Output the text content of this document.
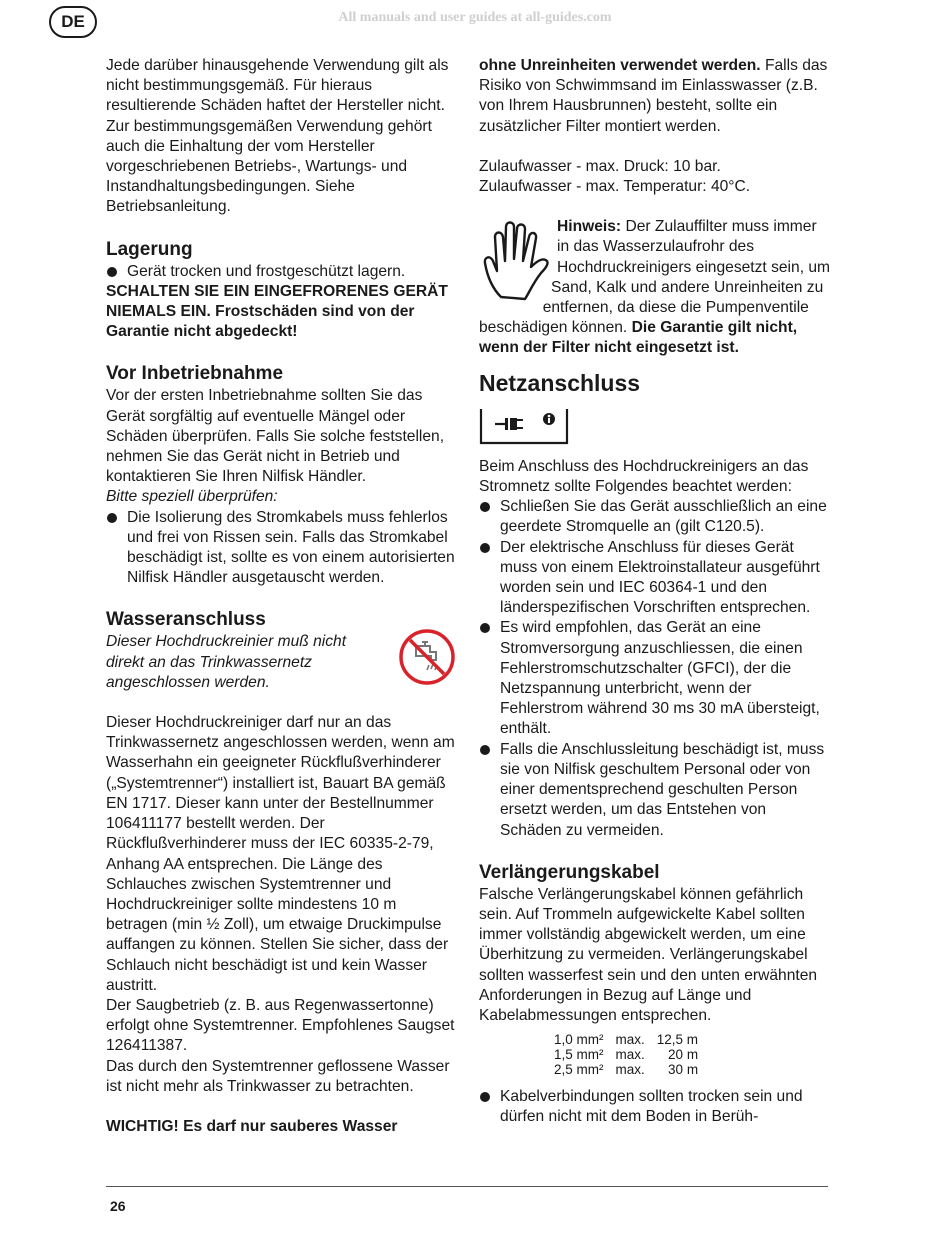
DE	All manuals and user guides at all-guides.com

Jede darüber hinausgehende Verwendung gilt als nicht bestimmungsgemäß. Für hieraus resultierende Schäden haftet der Hersteller nicht. Zur bestimmungsgemäßen Verwendung gehört auch die Einhaltung der vom Hersteller vorgeschriebenen Betriebs-, Wartungs- und Instandhaltungsbedingungen. Siehe Betriebsanleitung.

Lagerung
Gerät trocken und frostgeschützt lagern.

SCHALTEN SIE EIN EINGEFRORENES GERÄT NIEMALS EIN. Frostschäden sind von der Garantie nicht abgedeckt!

Vor Inbetriebnahme

Vor der ersten Inbetriebnahme sollten Sie das Gerät sorgfältig auf eventuelle Mängel oder Schäden überprüfen. Falls Sie solche feststellen, nehmen Sie das Gerät nicht in Betrieb und kontaktieren Sie Ihren Nilfisk Händler.

Bitte speziell überprüfen:

Die Isolierung des Stromkabels muss fehlerlos und frei von Rissen sein. Falls das Stromkabel beschädigt ist, sollte es von einem autorisierten Nilfisk Händler ausgetauscht werden.
Wasseranschluss

Dieser Hochdruckreinier muß nicht direkt an das Trinkwassernetz angeschlossen werden.

Dieser Hochdruckreiniger darf nur an das Trinkwassernetz angeschlossen werden, wenn am Wasserhahn ein geeigneter Rückflußverhinderer („Systemtrenner“) installiert ist, Bauart BA gemäß EN 1717. Dieser kann unter der Bestellnummer 106411177 bestellt werden. Der Rückflußverhinderer muss der IEC 60335-2-79, Anhang AA entsprechen. Die Länge des Schlauches zwischen Systemtrenner und Hochdruckreiniger sollte mindestens 10 m betragen (min ½ Zoll), um etwaige Druckimpulse auffangen zu können. Stellen Sie sicher, dass der Schlauch nicht beschädigt ist und kein Wasser austritt.

Der Saugbetrieb (z. B. aus Regenwassertonne) erfolgt ohne Systemtrenner. Empfohlenes Saugset 126411387.

Das durch den Systemtrenner geflossene Wasser ist nicht mehr als Trinkwasser zu betrachten.

WICHTIG! Es darf nur sauberes Wasser

ohne Unreinheiten verwendet werden. Falls das Risiko von Schwimmsand im Einlasswasser (z.B. von Ihrem Hausbrunnen) besteht, sollte ein zusätzlicher Filter montiert werden.

Zulaufwasser - max. Druck: 10 bar.

Zulaufwasser - max. Temperatur: 40°C.

Hinweis: Der Zulauffilter muss immer in das Wasserzulaufrohr des Hochdruckreinigers eingesetzt sein, um Sand, Kalk und andere Unreinheiten zu entfernen, da diese die Pumpenventile beschädigen können. Die Garantie gilt nicht, wenn der Filter nicht eingesetzt ist.

Netzanschluss

Beim Anschluss des Hochdruckreinigers an das Stromnetz sollte Folgendes beachtet werden:

Schließen Sie das Gerät ausschließlich an eine geerdete Stromquelle an (gilt C120.5).
Der elektrische Anschluss für dieses Gerät muss von einem Elektroinstallateur ausgeführt worden sein und IEC 60364-1 und den länderspezifischen Vorschriften entsprechen.
Es wird empfohlen, das Gerät an eine Stromversorgung anzuschliessen, die einen Fehlerstromschutzschalter (GFCI), der die Netzspannung unterbricht, wenn der Fehlerstrom während 30 ms 30 mA übersteigt, enthält.
Falls die Anschlussleitung beschädigt ist, muss sie von Nilfisk geschultem Personal oder von einer dementsprechend geschulten Person ersetzt werden, um das Entstehen von Schäden zu vermeiden.
Verlängerungskabel

Falsche Verlängerungskabel können gefährlich sein. Auf Trommeln aufgewickelte Kabel sollten immer vollständig abgewickelt werden, um eine Überhitzung zu vermeiden. Verlängerungskabel sollten wasserfest sein und den unten erwähnten Anforderungen in Bezug auf Länge und Kabelabmessungen entsprechen.

1,0 mm²	max.	12,5 m
1,5 mm²	max.	20 m
2,5 mm²	max.	30 m
Kabelverbindungen sollten trocken sein und dürfen nicht mit dem Boden in Berüh-
26
